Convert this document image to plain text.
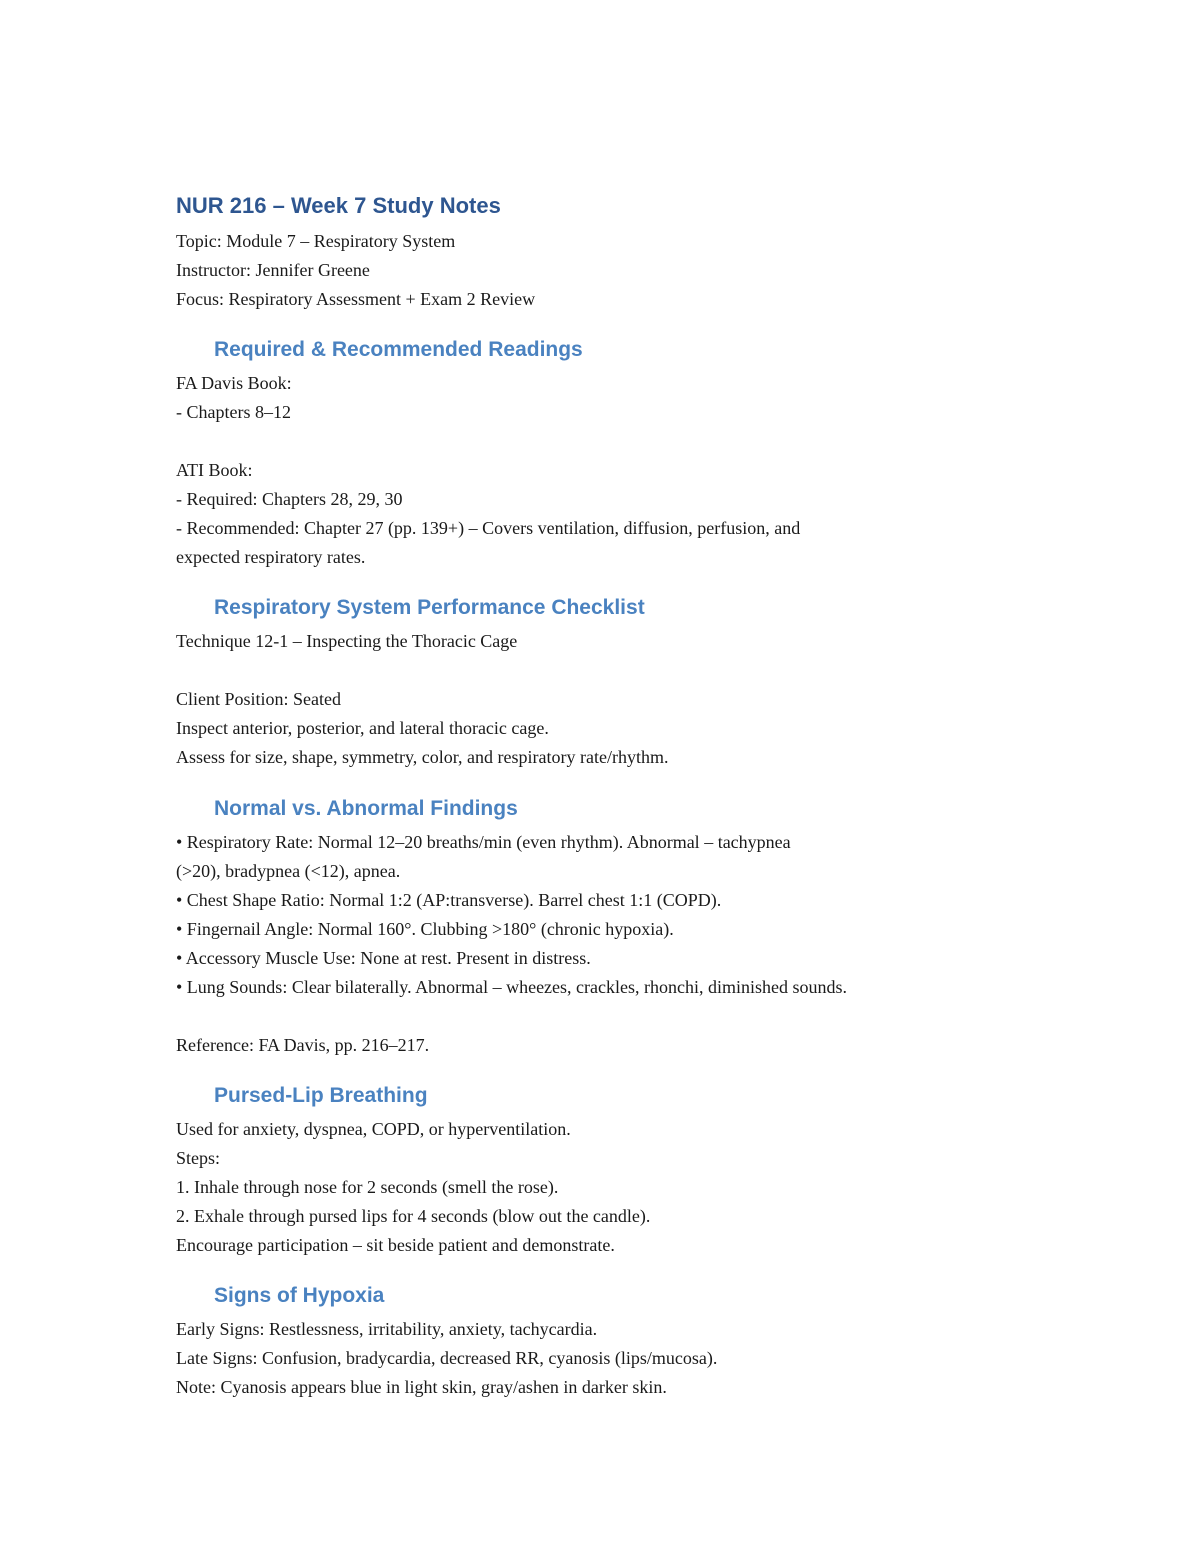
NUR 216 – Week 7 Study Notes

Topic: Module 7 – Respiratory System

Instructor: Jennifer Greene

Focus: Respiratory Assessment + Exam 2 Review

Required & Recommended Readings

FA Davis Book:

- Chapters 8–12

ATI Book:

- Required: Chapters 28, 29, 30

- Recommended: Chapter 27 (pp. 139+) – Covers ventilation, diffusion, perfusion, and

expected respiratory rates.

Respiratory System Performance Checklist

Technique 12-1 – Inspecting the Thoracic Cage

Client Position: Seated

Inspect anterior, posterior, and lateral thoracic cage.

Assess for size, shape, symmetry, color, and respiratory rate/rhythm.

Normal vs. Abnormal Findings

• Respiratory Rate: Normal 12–20 breaths/min (even rhythm). Abnormal – tachypnea

(>20), bradypnea (<12), apnea.

• Chest Shape Ratio: Normal 1:2 (AP:transverse). Barrel chest 1:1 (COPD).

• Fingernail Angle: Normal 160°. Clubbing >180° (chronic hypoxia).

• Accessory Muscle Use: None at rest. Present in distress.

• Lung Sounds: Clear bilaterally. Abnormal – wheezes, crackles, rhonchi, diminished sounds.

Reference: FA Davis, pp. 216–217.

Pursed-Lip Breathing

Used for anxiety, dyspnea, COPD, or hyperventilation.

Steps:

1. Inhale through nose for 2 seconds (smell the rose).

2. Exhale through pursed lips for 4 seconds (blow out the candle).

Encourage participation – sit beside patient and demonstrate.

Signs of Hypoxia

Early Signs: Restlessness, irritability, anxiety, tachycardia.

Late Signs: Confusion, bradycardia, decreased RR, cyanosis (lips/mucosa).

Note: Cyanosis appears blue in light skin, gray/ashen in darker skin.
